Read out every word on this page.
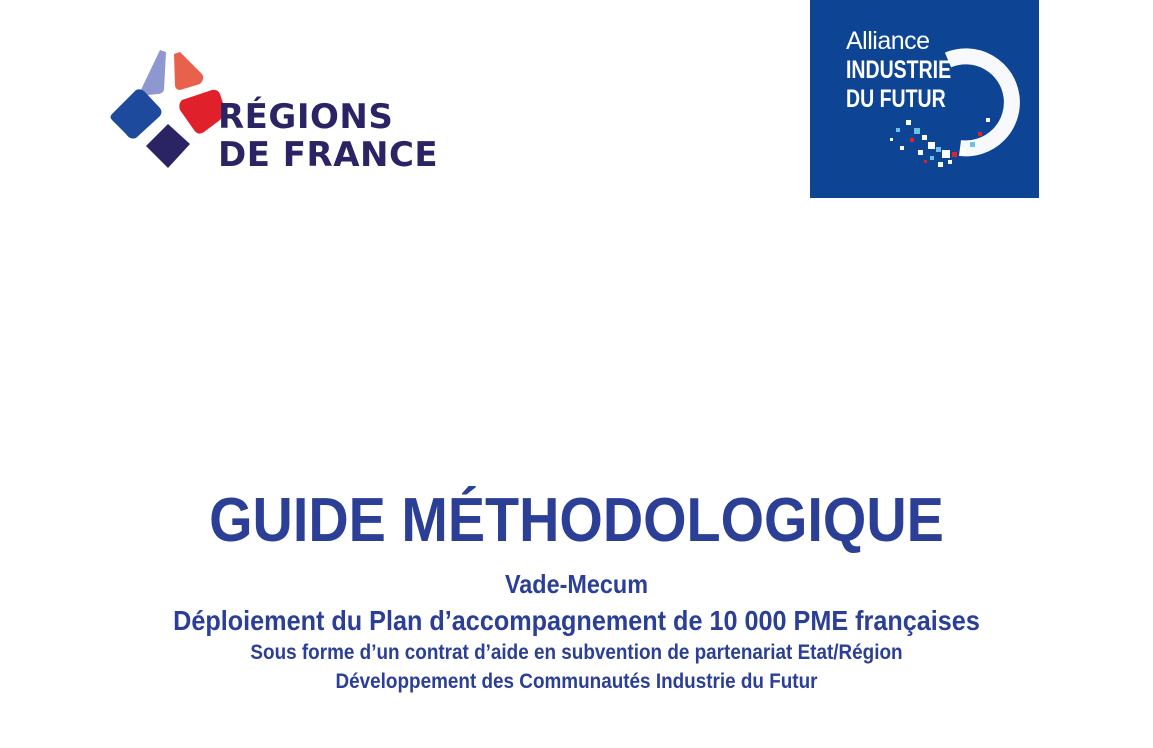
RÉGIONS
DE FRANCE
Alliance
INDUSTRIE
DU FUTUR
GUIDE MÉTHODOLOGIQUE

Vade-Mecum

Déploiement du Plan d’accompagnement de 10 000 PME françaises

Sous forme d’un contrat d’aide en subvention de partenariat Etat/Région

Développement des Communautés Industrie du Futur
